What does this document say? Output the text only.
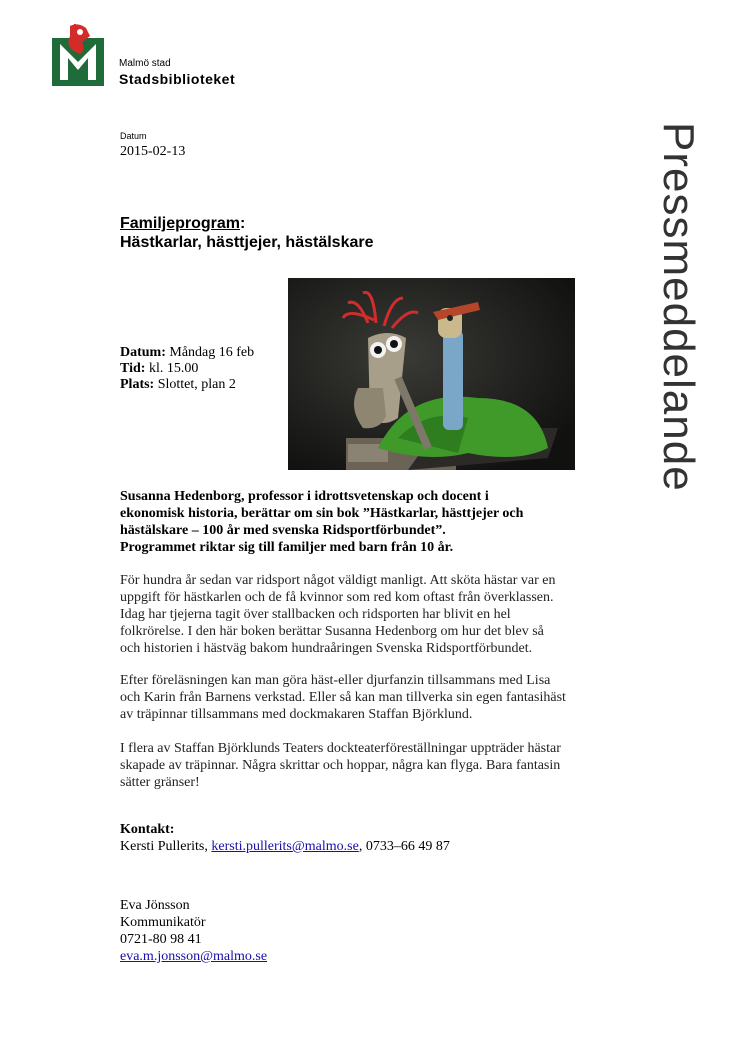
Malmö stad
Stadsbiblioteket
Datum
2015-02-13	Pressmeddelande
Familjeprogram:
Hästkarlar, hästtjejer, hästälskare
Datum: Måndag 16 feb
Tid: kl. 15.00
Plats: Slottet, plan 2
Susanna Hedenborg, professor i idrottsvetenskap och docent i
ekonomisk historia, berättar om sin bok ”Hästkarlar, hästtjejer och
hästälskare – 100 år med svenska Ridsportförbundet”.
Programmet riktar sig till familjer med barn från 10 år.
För hundra år sedan var ridsport något väldigt manligt. Att sköta hästar var en
uppgift för hästkarlen och de få kvinnor som red kom oftast från överklassen.
Idag har tjejerna tagit över stallbacken och ridsporten har blivit en hel
folkrörelse. I den här boken berättar Susanna Hedenborg om hur det blev så
och historien i hästväg bakom hundraåringen Svenska Ridsportförbundet.
Efter föreläsningen kan man göra häst-eller djurfanzin tillsammans med Lisa
och Karin från Barnens verkstad. Eller så kan man tillverka sin egen fantasihäst
av träpinnar tillsammans med dockmakaren Staffan Björklund.
I flera av Staffan Björklunds Teaters dockteaterföreställningar uppträder hästar
skapade av träpinnar. Några skrittar och hoppar, några kan flyga. Bara fantasin
sätter gränser!
Kontakt:
Kersti Pullerits, kersti.pullerits@malmo.se, 0733–66 49 87
Eva Jönsson
Kommunikatör
0721-80 98 41
eva.m.jonsson@malmo.se
